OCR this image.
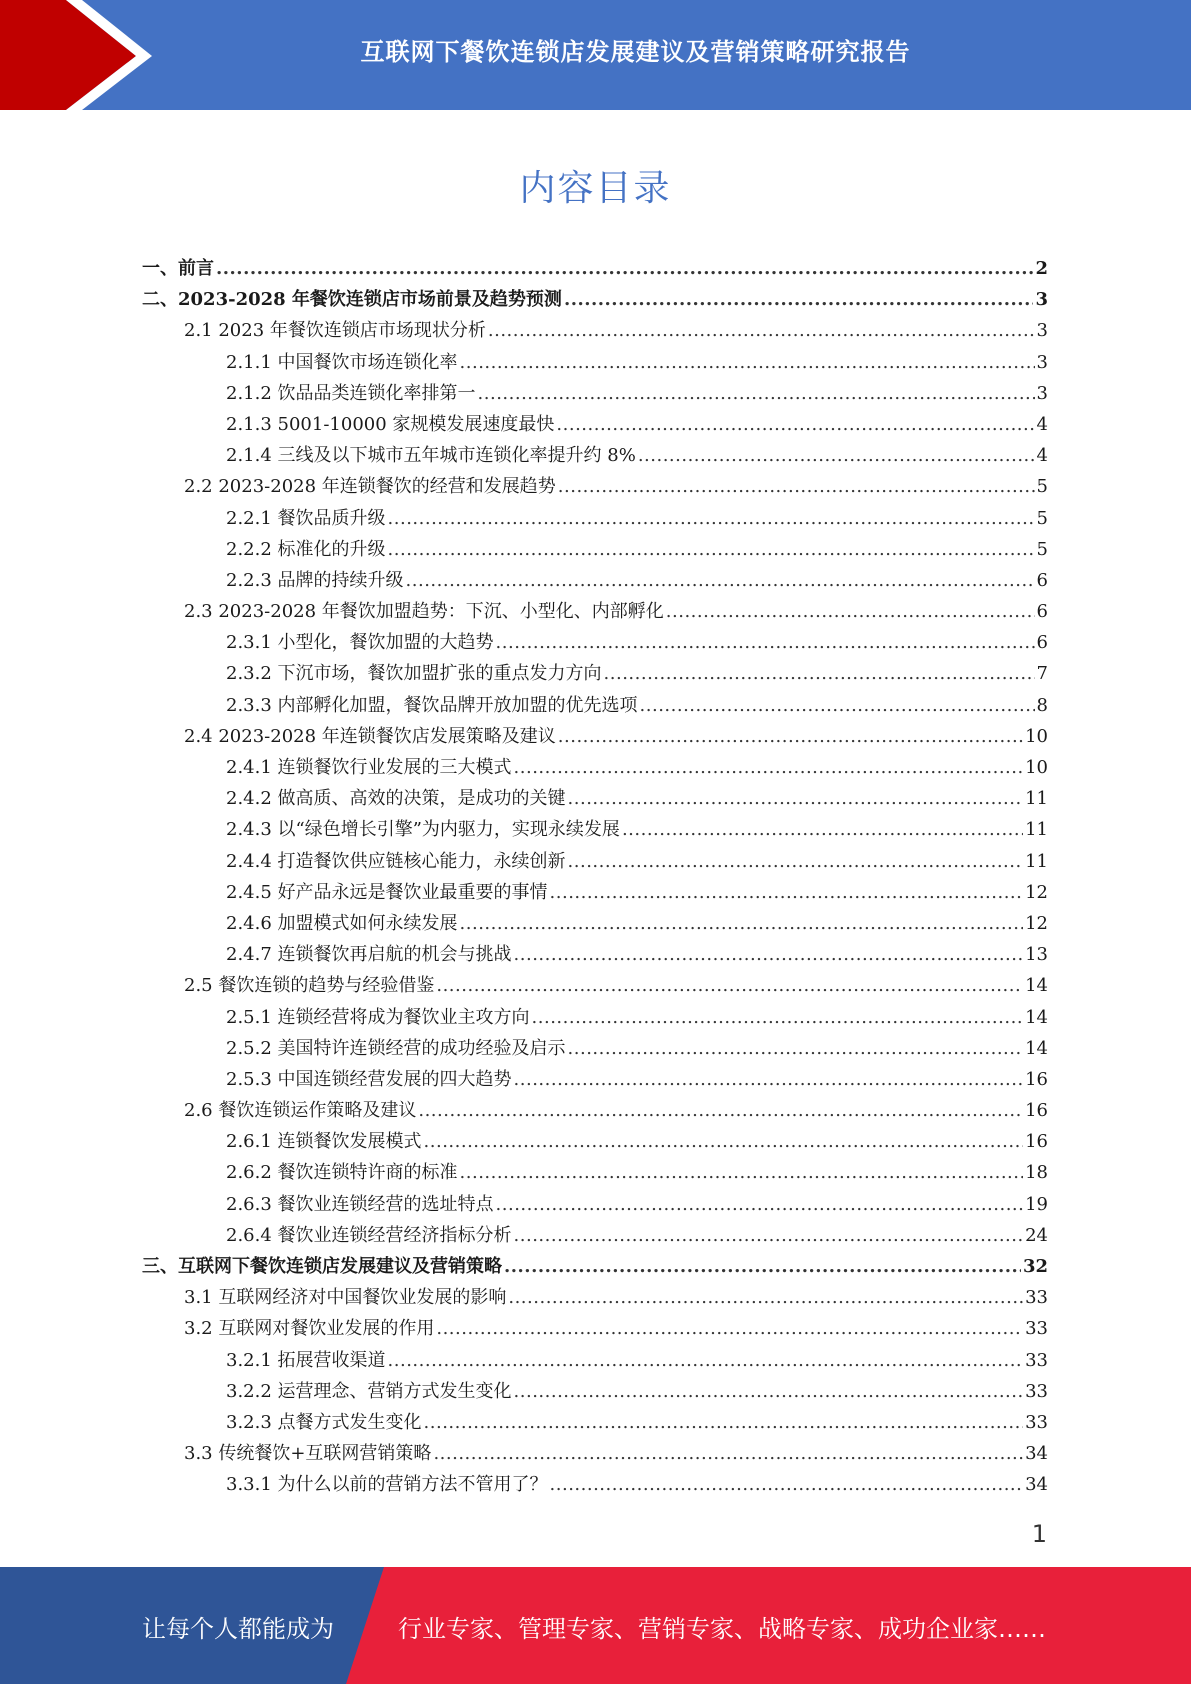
互联网下餐饮连锁店发展建议及营销策略研究报告
内容目录
一、前言 .....	2
二、2023-2028 年餐饮连锁店市场前景及趋势预测 .....	3
2.1 2023 年餐饮连锁店市场现状分析 .....	3
2.1.1 中国餐饮市场连锁化率 .....	3
2.1.2 饮品品类连锁化率排第一 .....	3
2.1.3 5001-10000 家规模发展速度最快 .....	4
2.1.4 三线及以下城市五年城市连锁化率提升约 8% .....	4
2.2 2023-2028 年连锁餐饮的经营和发展趋势 .....	5
2.2.1 餐饮品质升级 .....	5
2.2.2 标准化的升级 .....	5
2.2.3 品牌的持续升级 .....	6
2.3 2023-2028 年餐饮加盟趋势：下沉、小型化、内部孵化 .....	6
2.3.1 小型化，餐饮加盟的大趋势 .....	6
2.3.2 下沉市场，餐饮加盟扩张的重点发力方向 .....	7
2.3.3 内部孵化加盟，餐饮品牌开放加盟的优先选项 .....	8
2.4 2023-2028 年连锁餐饮店发展策略及建议 .....	10
2.4.1 连锁餐饮行业发展的三大模式 .....	10
2.4.2 做高质、高效的决策，是成功的关键 .....	11
2.4.3 以“绿色增长引擎”为内驱力，实现永续发展 .....	11
2.4.4 打造餐饮供应链核心能力，永续创新 .....	11
2.4.5 好产品永远是餐饮业最重要的事情 .....	12
2.4.6 加盟模式如何永续发展 .....	12
2.4.7 连锁餐饮再启航的机会与挑战 .....	13
2.5 餐饮连锁的趋势与经验借鉴 .....	14
2.5.1 连锁经营将成为餐饮业主攻方向 .....	14
2.5.2 美国特许连锁经营的成功经验及启示 .....	14
2.5.3 中国连锁经营发展的四大趋势 .....	16
2.6 餐饮连锁运作策略及建议 .....	16
2.6.1 连锁餐饮发展模式 .....	16
2.6.2 餐饮连锁特许商的标准 .....	18
2.6.3 餐饮业连锁经营的选址特点 .....	19
2.6.4 餐饮业连锁经营经济指标分析 .....	24
三、互联网下餐饮连锁店发展建议及营销策略 .....	32
3.1 互联网经济对中国餐饮业发展的影响 .....	33
3.2 互联网对餐饮业发展的作用 .....	33
3.2.1 拓展营收渠道 .....	33
3.2.2 运营理念、营销方式发生变化 .....	33
3.2.3 点餐方式发生变化 .....	33
3.3 传统餐饮+互联网营销策略 .....	34
3.3.1 为什么以前的营销方法不管用了？ .....	34
1
让每个人都能成为	行业专家、管理专家、营销专家、战略专家、成功企业家……
